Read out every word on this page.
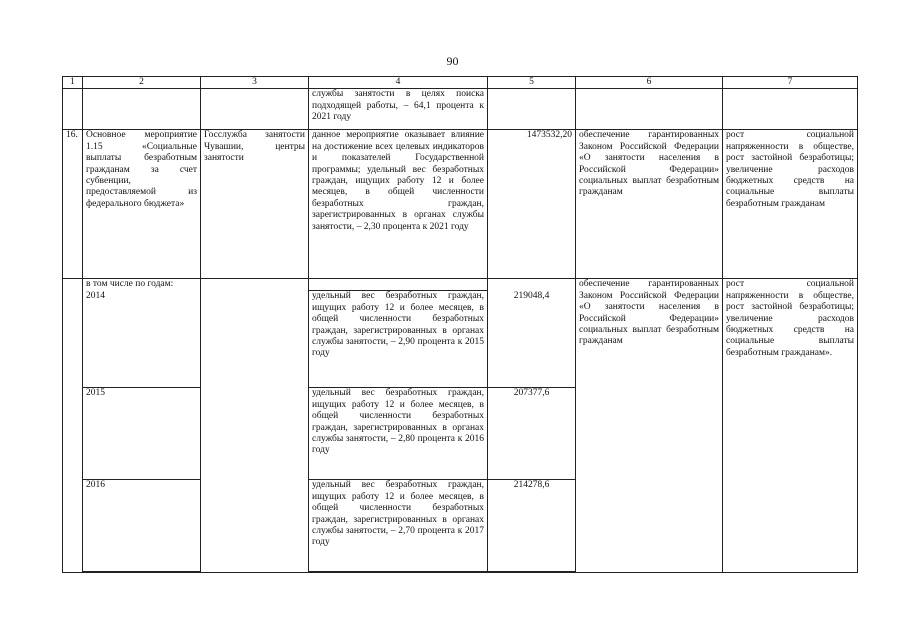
90
1	2	3	4	5	6	7
			службы занятости в целях поиска подходящей работы, – 64,1 процента к 2021 году			
16.	Основное мероприятие 1.15 «Социальные выплаты безработным гражданам за счет субвенции, предоставляемой из федерального бюджета»	Госслужба занятости Чувашии, центры занятости	данное мероприятие оказывает влияние на достижение всех целевых индикаторов и показателей Государственной программы; удельный вес безработных граждан, ищущих работу 12 и более месяцев, в общей численности безработных граждан, зарегистрированных в органах службы занятости, – 2,30 процента к 2021 году	1473532,20	обеспечение гарантированных Законом Российской Федерации «О занятости населения в Российской Федерации» социальных выплат безработным гражданам	рост социальной напряженности в обществе, рост застойной безработицы; увеличение расходов бюджетных средств на социальные выплаты безработным гражданам
	в том числе по годам:				обеспечение гарантированных Законом Российской Федерации «О занятости населения в Российской Федерации» социальных выплат безработным гражданам	рост социальной напряженности в обществе, рост застойной безработицы; увеличение расходов бюджетных средств на социальные выплаты безработным гражданам».
	2014		удельный вес безработных граждан, ищущих работу 12 и более месяцев, в общей численности безработных граждан, зарегистрированных в органах службы занятости, – 2,90 процента к 2015 году	219048,4		
	2015		удельный вес безработных граждан, ищущих работу 12 и более месяцев, в общей численности безработных граждан, зарегистрированных в органах службы занятости, – 2,80 процента к 2016 году	207377,6		
	2016		удельный вес безработных граждан, ищущих работу 12 и более месяцев, в общей численности безработных граждан, зарегистрированных в органах службы занятости, – 2,70 процента к 2017 году	214278,6		
